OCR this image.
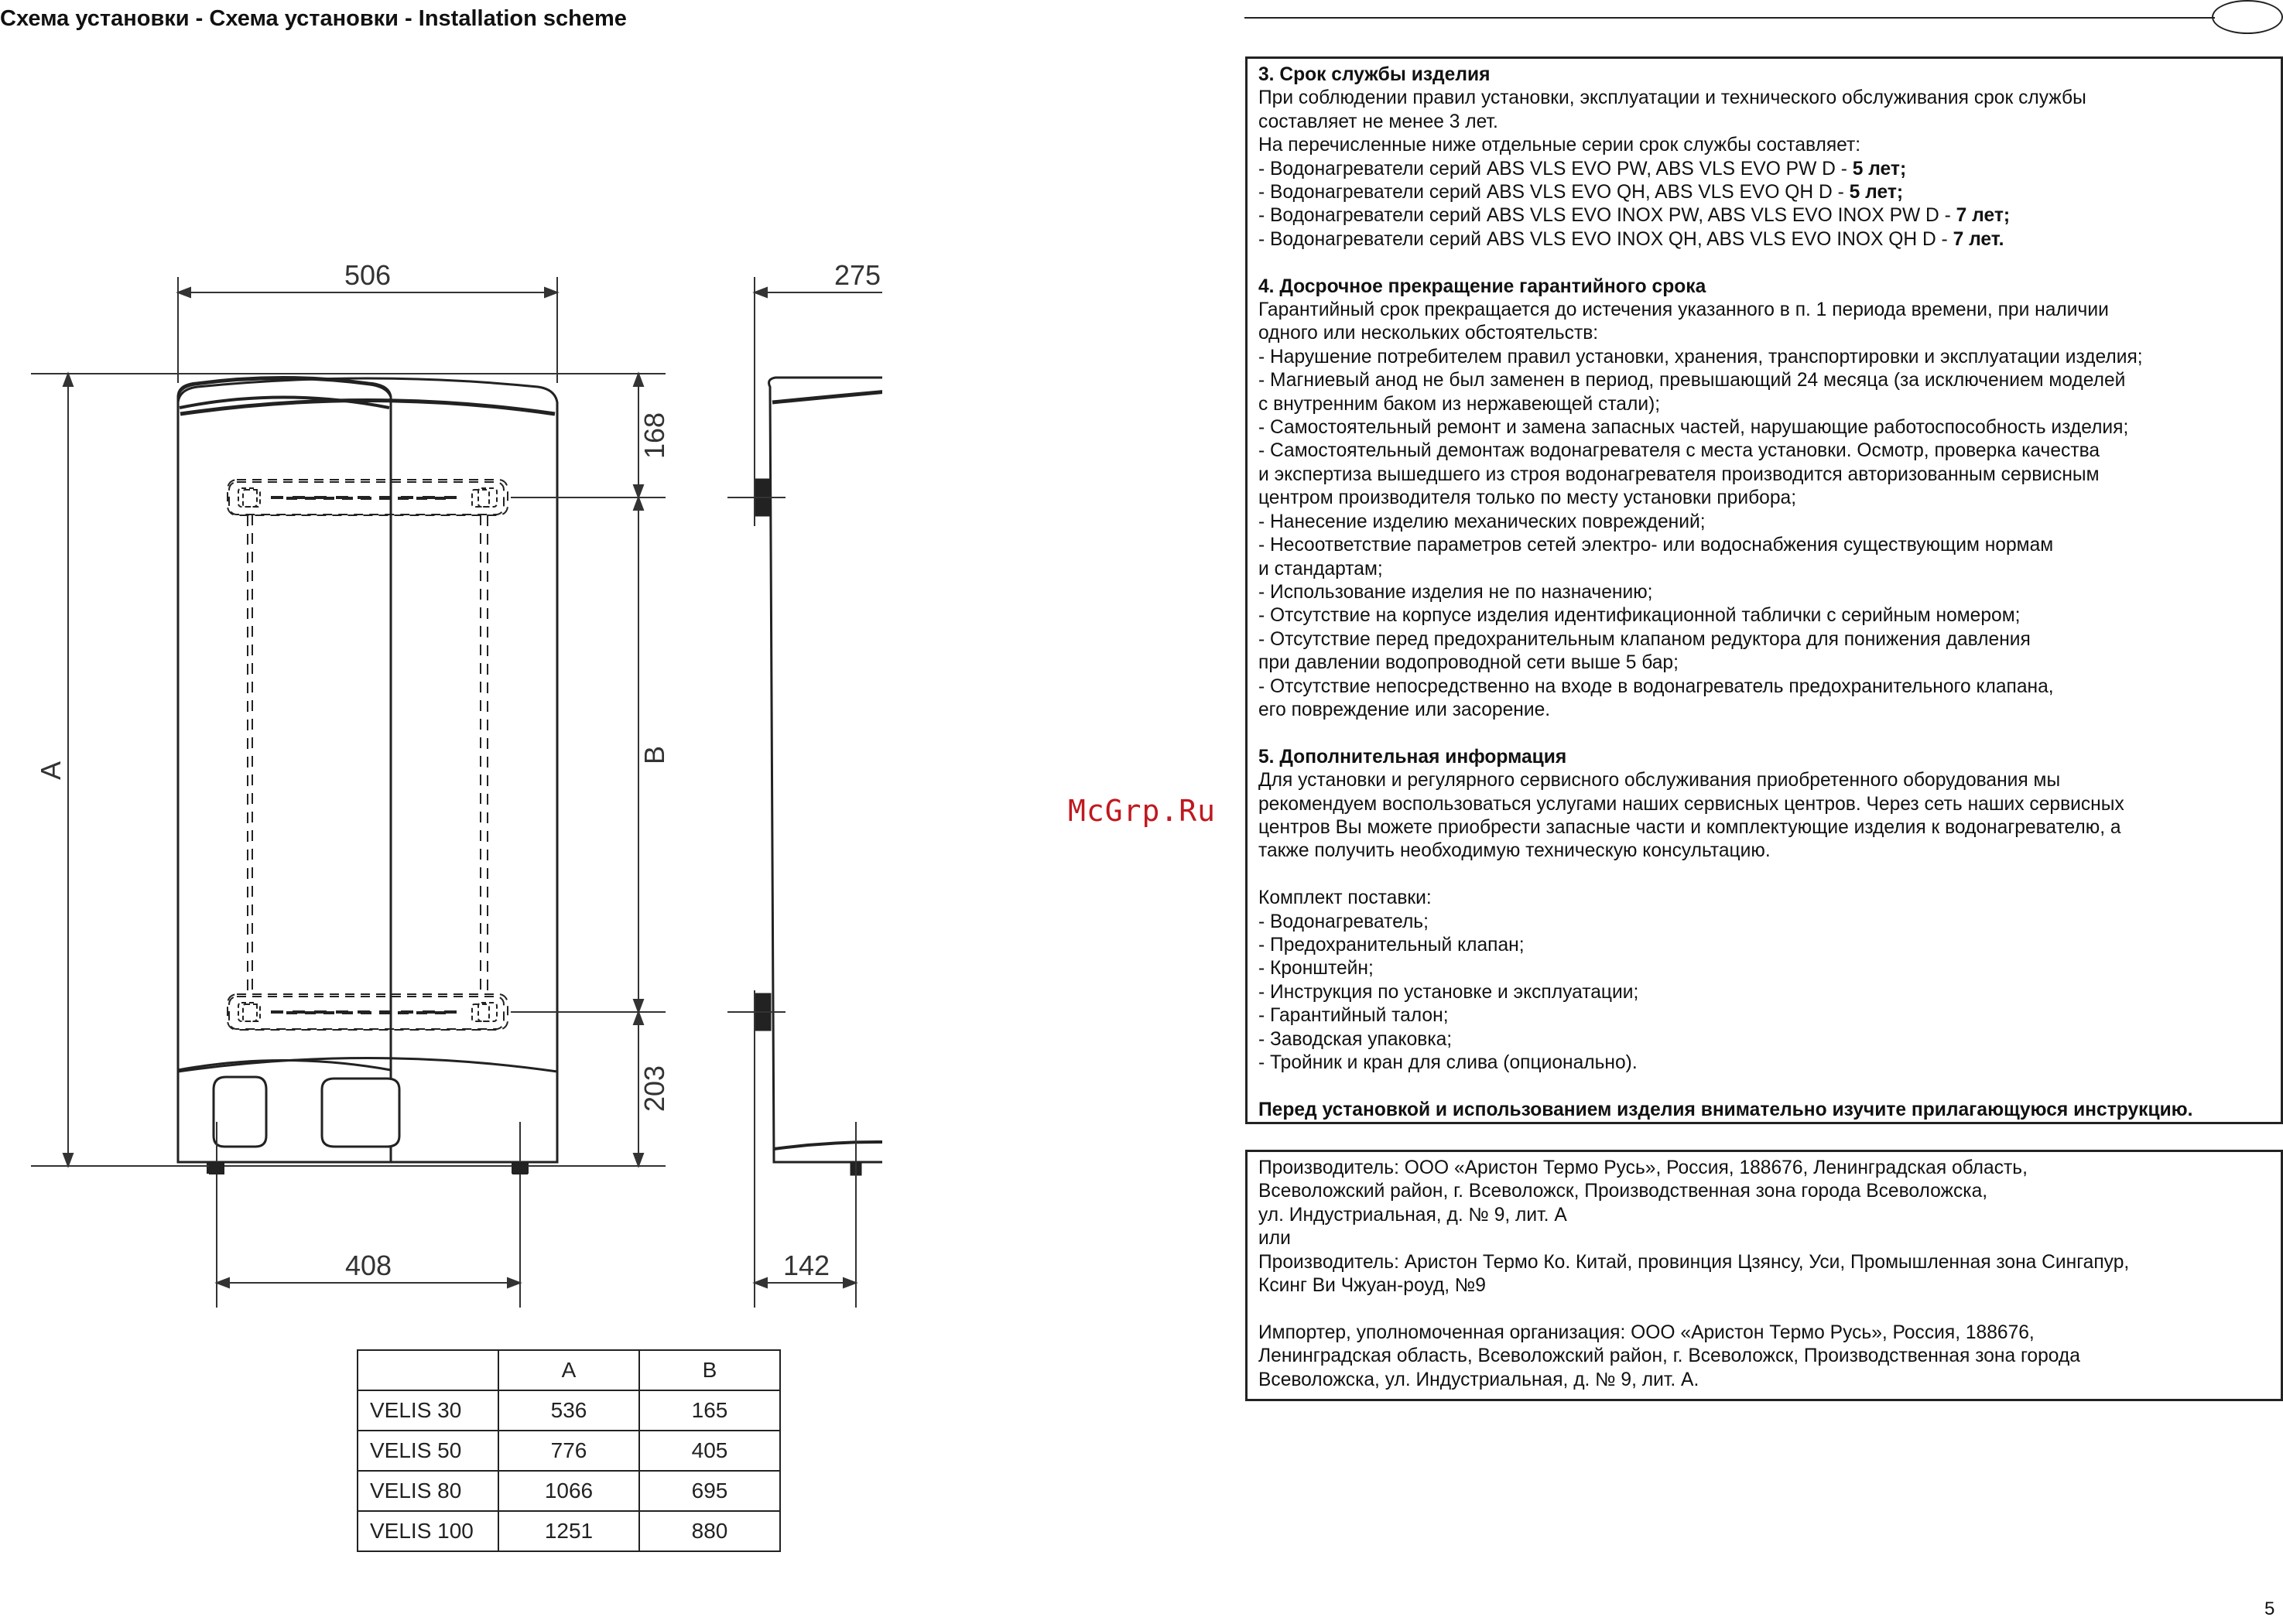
Схема установки - Схема установки - Installation scheme
506	275
168
A
B
203
408	142
	A	B
VELIS 30	536	165
VELIS 50	776	405
VELIS 80	1066	695
VELIS 100	1251	880
McGrp.Ru

3. Срок службы изделия

При соблюдении правил установки, эксплуатации и технического обслуживания срок службы

составляет не менее 3 лет.

На перечисленные ниже отдельные серии срок службы составляет:

- Водонагреватели серий ABS VLS EVO PW, ABS VLS EVO PW D - 5 лет;

- Водонагреватели серий ABS VLS EVO QH, ABS VLS EVO QH D - 5 лет;

- Водонагреватели серий ABS VLS EVO INOX PW, ABS VLS EVO INOX PW D - 7 лет;

- Водонагреватели серий ABS VLS EVO INOX QH, ABS VLS EVO INOX QH D - 7 лет.

4. Досрочное прекращение гарантийного срока

Гарантийный срок прекращается до истечения указанного в п. 1 периода времени, при наличии

одного или нескольких обстоятельств:

- Нарушение потребителем правил установки, хранения, транспортировки и эксплуатации изделия;

- Магниевый анод не был заменен в период, превышающий 24 месяца (за исключением моделей

с внутренним баком из нержавеющей стали);

- Самостоятельный ремонт и замена запасных частей, нарушающие работоспособность изделия;

- Самостоятельный демонтаж водонагревателя с места установки. Осмотр, проверка качества

и экспертиза вышедшего из строя водонагревателя производится авторизованным сервисным

центром производителя только по месту установки прибора;

- Нанесение изделию механических повреждений;

- Несоответствие параметров сетей электро- или водоснабжения существующим нормам

и стандартам;

- Использование изделия не по назначению;

- Отсутствие на корпусе изделия идентификационной таблички с серийным номером;

- Отсутствие перед предохранительным клапаном редуктора для понижения давления

при давлении водопроводной сети выше 5 бар;

- Отсутствие непосредственно на входе в водонагреватель предохранительного клапана,

его повреждение или засорение.

5. Дополнительная информация

Для установки и регулярного сервисного обслуживания приобретенного оборудования мы

рекомендуем воспользоваться услугами наших сервисных центров. Через сеть наших сервисных

центров Вы можете приобрести запасные части и комплектующие изделия к водонагревателю, а

также получить необходимую техническую консультацию.

Комплект поставки:

- Водонагреватель;

- Предохранительный клапан;

- Кронштейн;

- Инструкция по установке и эксплуатации;

- Гарантийный талон;

- Заводская упаковка;

- Тройник и кран для слива (опционально).

Перед установкой и использованием изделия внимательно изучите прилагающуюся инструкцию.

Производитель: ООО «Аристон Термо Русь», Россия, 188676, Ленинградская область,

Всеволожский район, г. Всеволожск, Производственная зона города Всеволожска,

ул. Индустриальная, д. № 9, лит. А

или

Производитель: Аристон Термо Ко. Китай, провинция Цзянсу, Уси, Промышленная зона Сингапур,

Ксинг Ви Чжуан-роуд, №9

Импортер, уполномоченная организация: ООО «Аристон Термо Русь», Россия, 188676,

Ленинградская область, Всеволожский район, г. Всеволожск, Производственная зона города

Всеволожска, ул. Индустриальная, д. № 9, лит. А.

5
